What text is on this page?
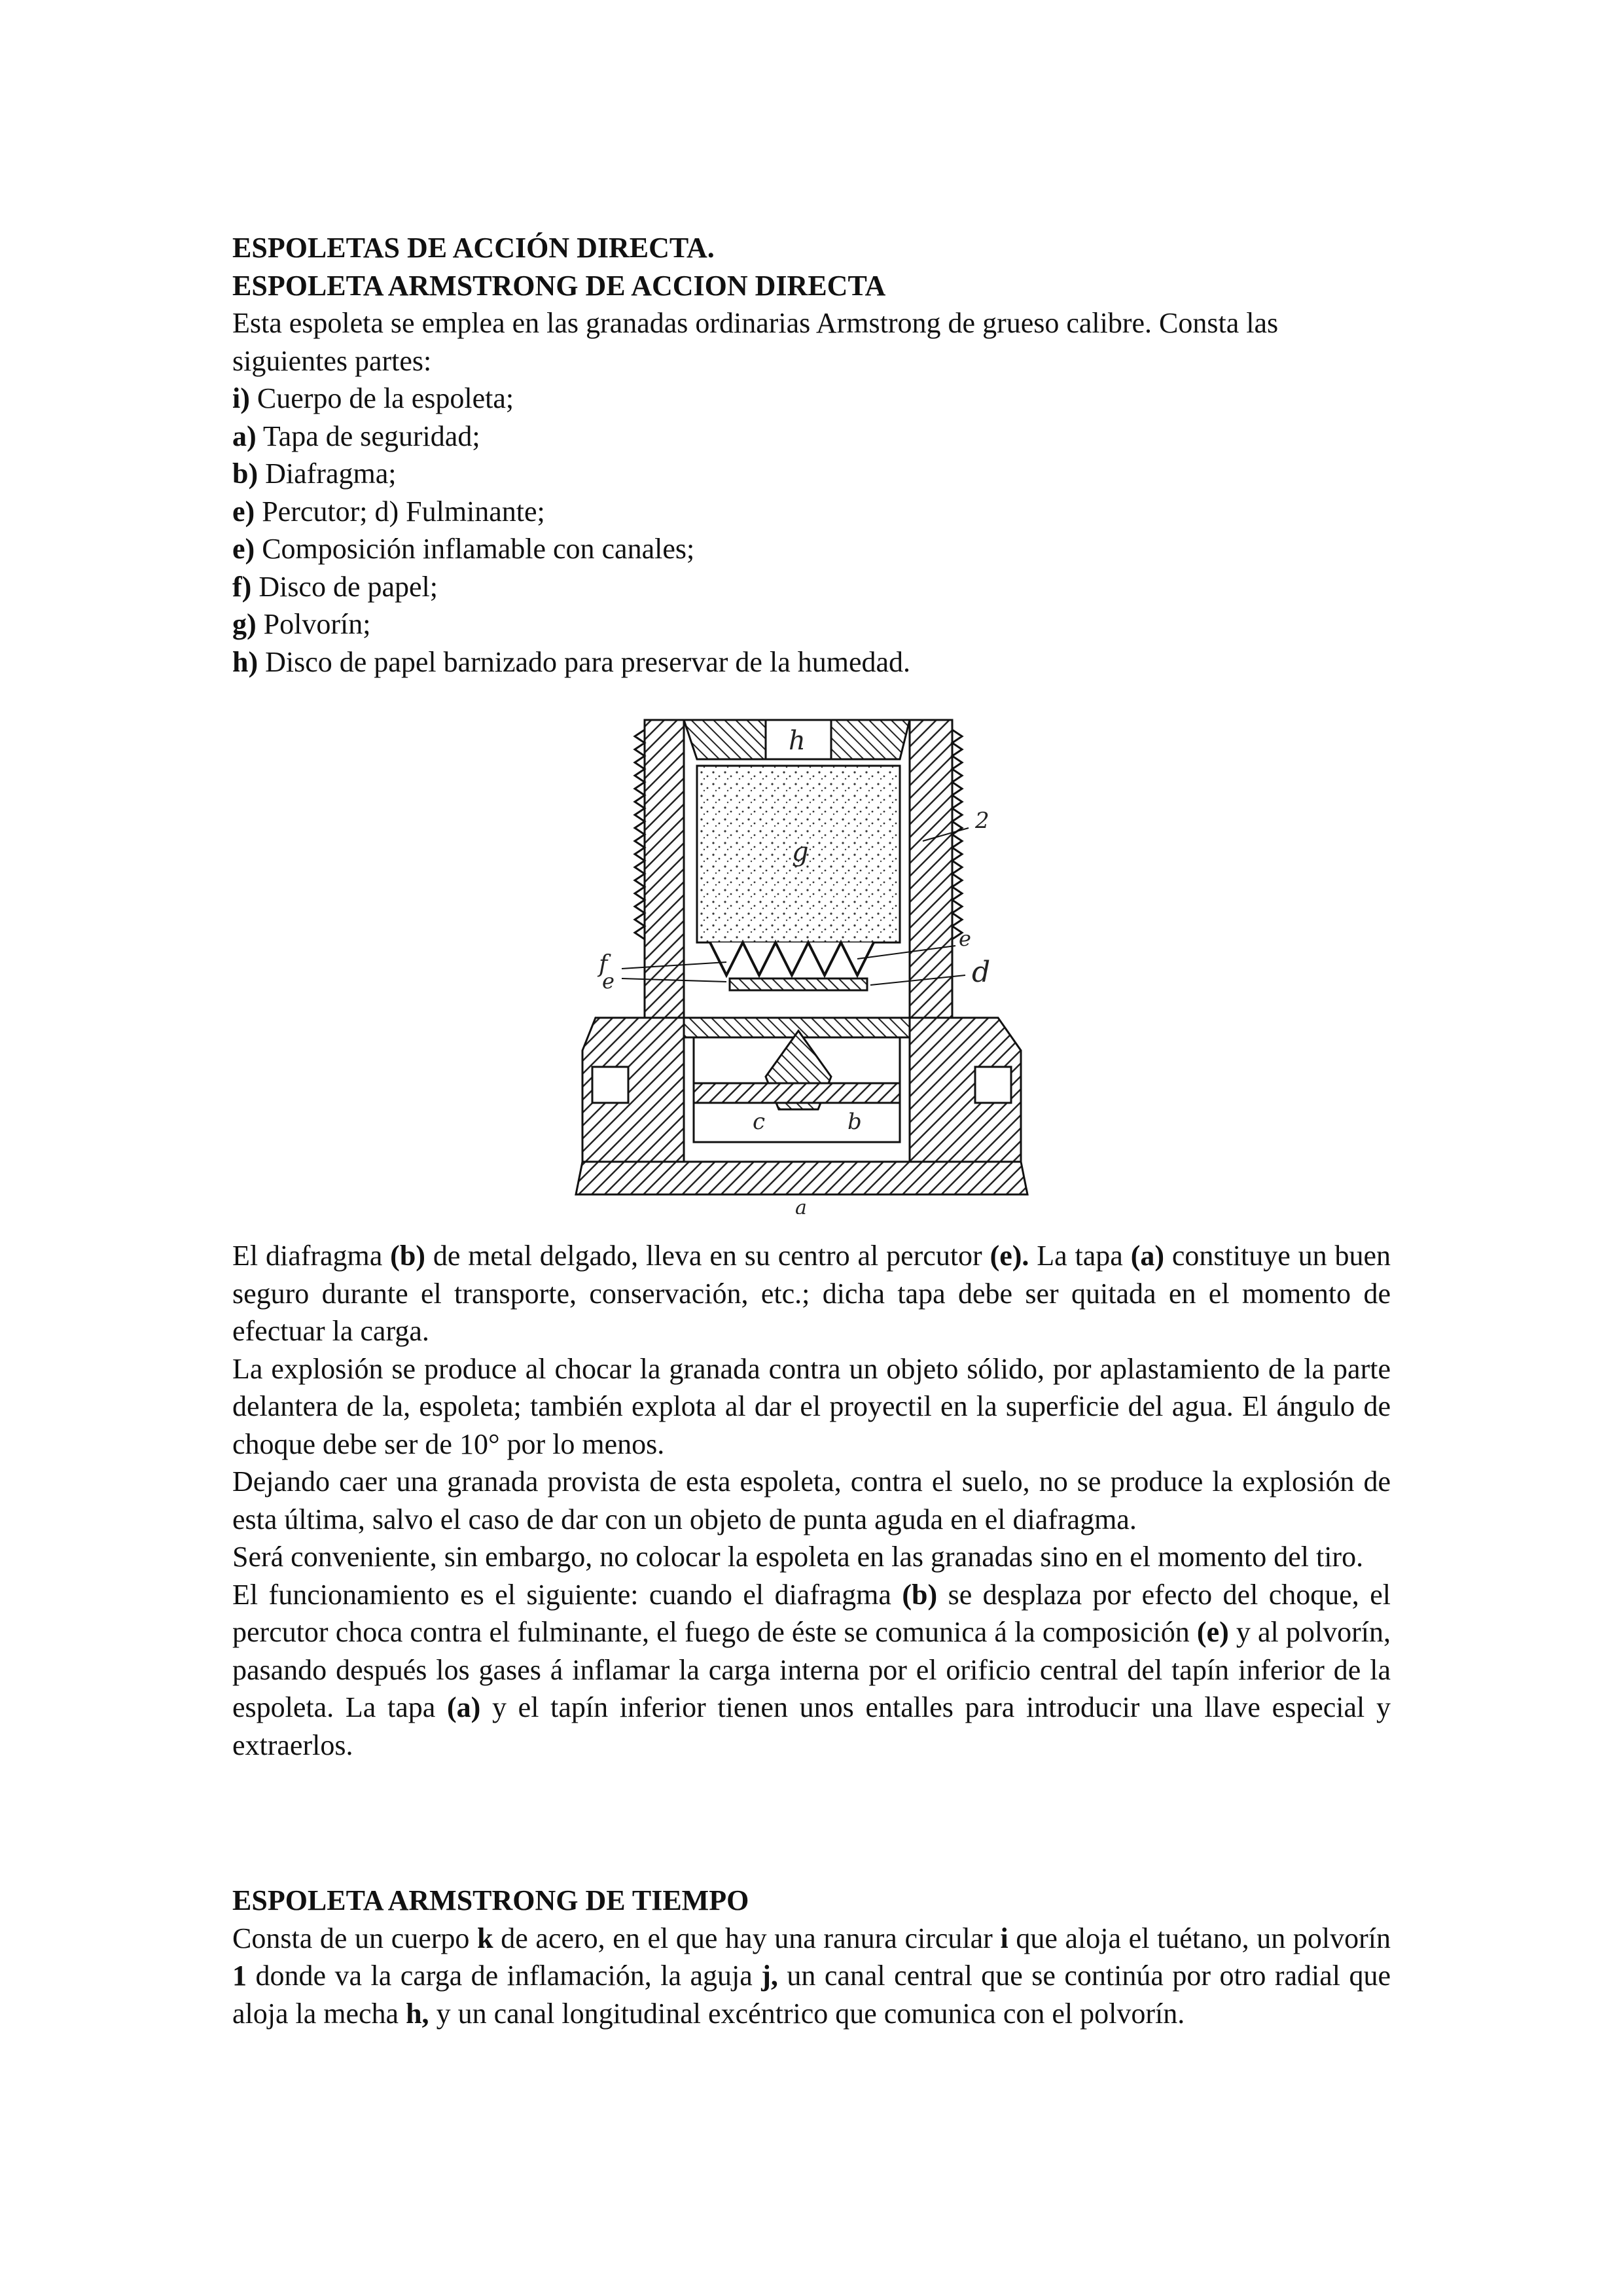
ESPOLETAS DE ACCIÓN DIRECTA.
ESPOLETA ARMSTRONG DE ACCION DIRECTA
Esta espoleta se emplea en las granadas ordinarias Armstrong de grueso calibre. Consta las siguientes partes:
i) Cuerpo de la espoleta;
a) Tapa de seguridad;
b) Diafragma;
e) Percutor; d) Fulminante;
e) Composición inflamable con canales;
f) Disco de papel;
g) Polvorín;
h) Disco de papel barnizado para preservar de la humedad.
h
2
g
f
e
e
d
c	b
a
El diafragma (b) de metal delgado, lleva en su centro al percutor (e). La tapa (a) constituye un buen seguro durante el transporte, conservación, etc.; dicha tapa debe ser quitada en el momento de efectuar la carga.
La explosión se produce al chocar la granada contra un objeto sólido, por aplastamiento de la parte delantera de la, espoleta; también explota al dar el proyectil en la superficie del agua. El ángulo de choque debe ser de 10° por lo menos.
Dejando caer una granada provista de esta espoleta, contra el suelo, no se produce la explosión de esta última, salvo el caso de dar con un objeto de punta aguda en el diafragma.
Será conveniente, sin embargo, no colocar la espoleta en las granadas sino en el momento del tiro.
El funcionamiento es el siguiente: cuando el diafragma (b) se desplaza por efecto del choque, el percutor choca contra el fulminante, el fuego de éste se comunica á la composición (e) y al polvorín, pasando después los gases á inflamar la carga interna por el orificio central del tapín inferior de la espoleta. La tapa (a) y el tapín inferior tienen unos entalles para introducir una llave especial y extraerlos.
ESPOLETA ARMSTRONG DE TIEMPO
Consta de un cuerpo k de acero, en el que hay una ranura circular i que aloja el tuétano, un polvorín 1 donde va la carga de inflamación, la aguja j, un canal central que se continúa por otro radial que aloja la mecha h, y un canal longitudinal excéntrico que comunica con el polvorín.
